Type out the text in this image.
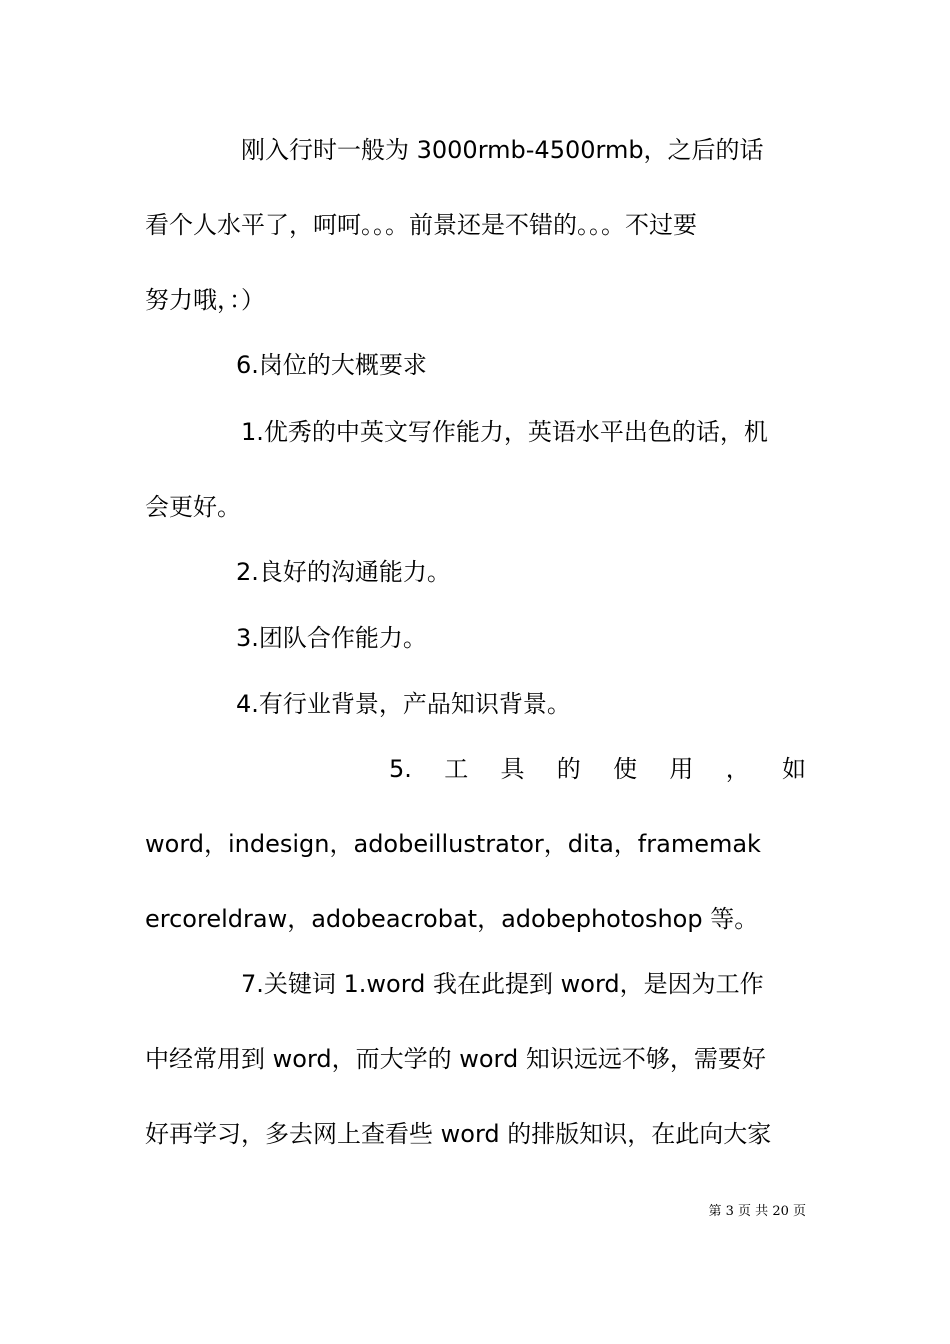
刚入行时一般为 3000rmb-4500rmb，之后的话
看个人水平了，呵呵。。。前景还是不错的。。。不过要
努力哦，：）
6.岗位的大概要求
1.优秀的中英文写作能力，英语水平出色的话，机
会更好。
2.良好的沟通能力。
3.团队合作能力。
4.有行业背景，产品知识背景。
5. 工 具 的 使 用 ， 如
word，indesign，adobeillustrator，dita，framemak
ercoreldraw，adobeacrobat，adobephotoshop 等。
7.关键词 1.word 我在此提到 word，是因为工作
中经常用到 word，而大学的 word 知识远远不够，需要好
好再学习，多去网上查看些 word 的排版知识，在此向大家
第 3 页 共 20 页
